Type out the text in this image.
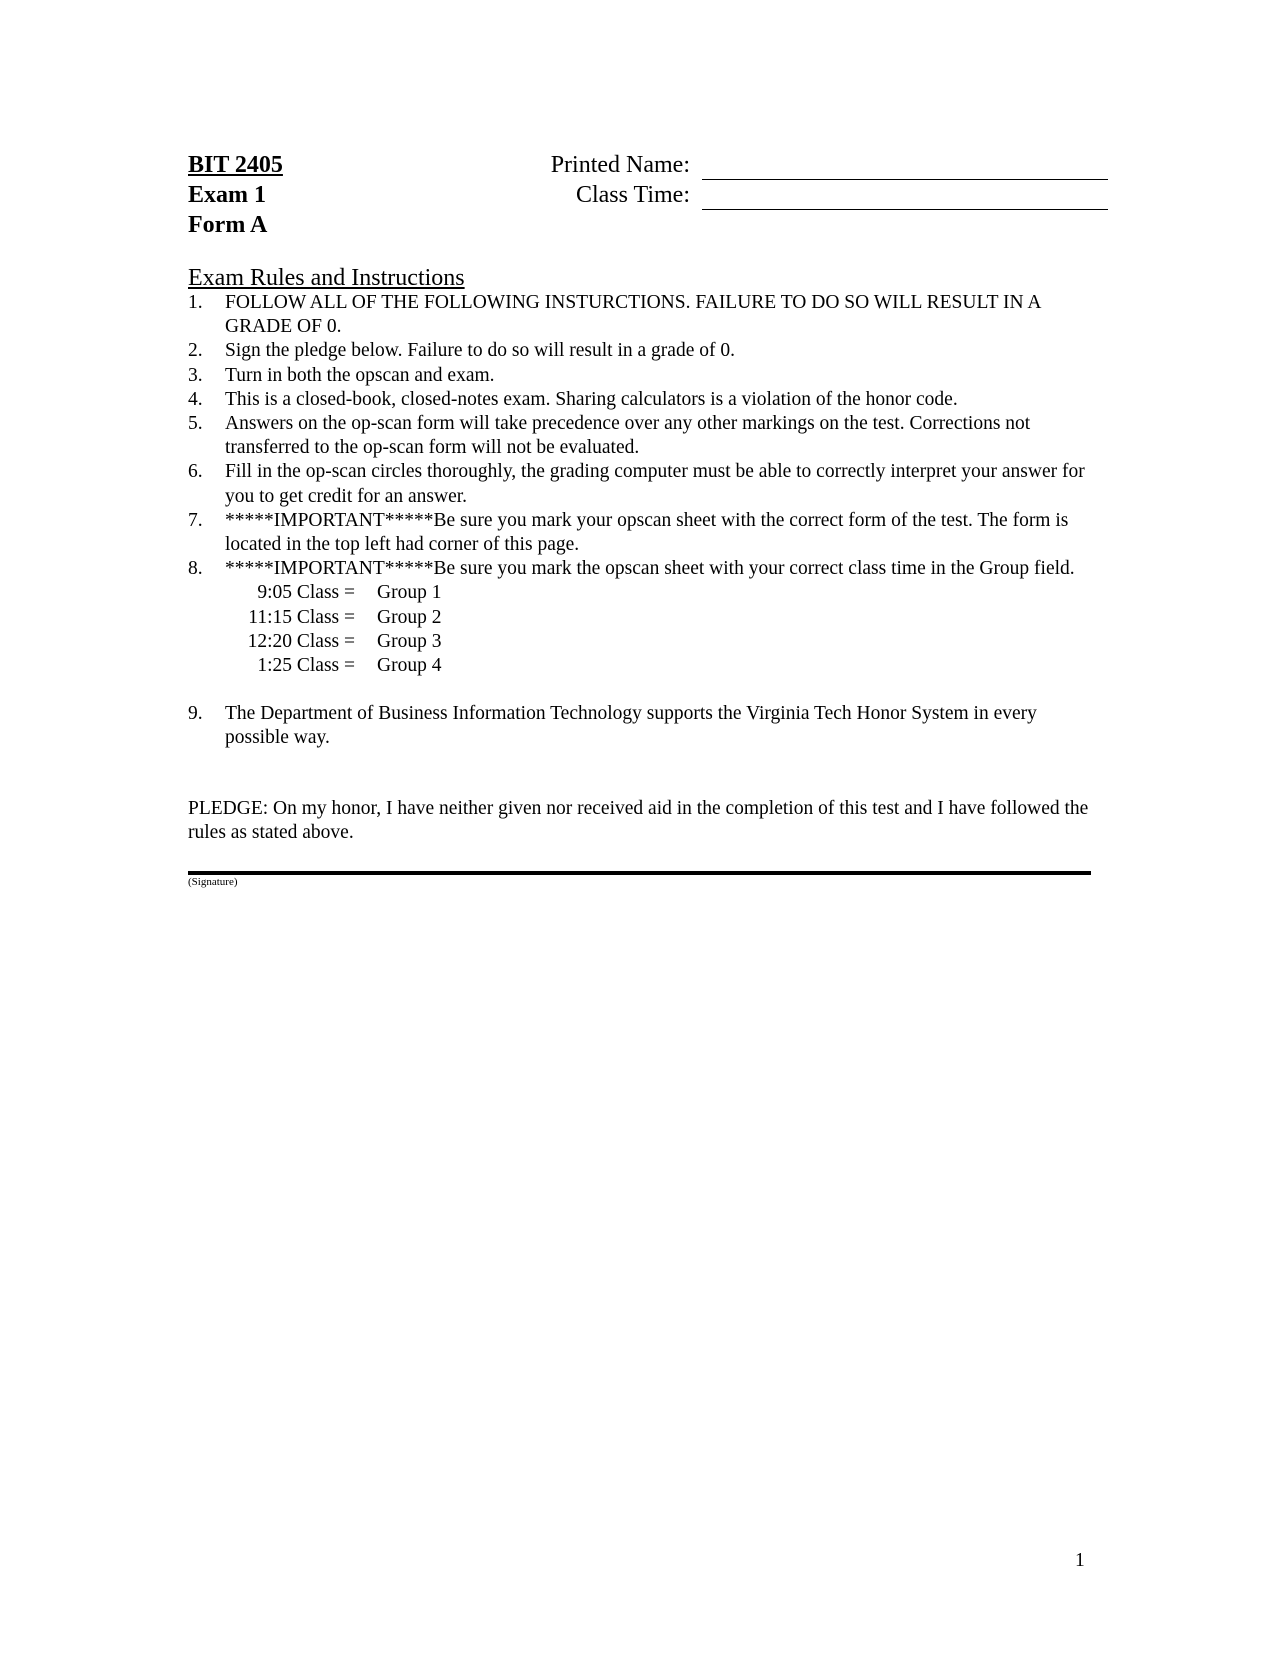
BIT 2405
Exam 1
Form A
Printed Name:
Class Time:
Exam Rules and Instructions
1.	FOLLOW ALL OF THE FOLLOWING INSTURCTIONS. FAILURE TO DO SO WILL RESULT IN A GRADE OF 0.
2.	Sign the pledge below. Failure to do so will result in a grade of 0.
3.	Turn in both the opscan and exam.
4.	This is a closed-book, closed-notes exam. Sharing calculators is a violation of the honor code.
5.	Answers on the op-scan form will take precedence over any other markings on the test. Corrections not transferred to the op-scan form will not be evaluated.
6.	Fill in the op-scan circles thoroughly, the grading computer must be able to correctly interpret your answer for you to get credit for an answer.
7.	*****IMPORTANT*****Be sure you mark your opscan sheet with the correct form of the test. The form is located in the top left had corner of this page.
8.	*****IMPORTANT*****Be sure you mark the opscan sheet with your correct class time in the Group field.
9:05 Class = Group 1
11:15 Class = Group 2
12:20 Class = Group 3
1:25 Class = Group 4
9.	The Department of Business Information Technology supports the Virginia Tech Honor System in every possible way.
PLEDGE: On my honor, I have neither given nor received aid in the completion of this test and I have followed the rules as stated above.
(Signature)
1
